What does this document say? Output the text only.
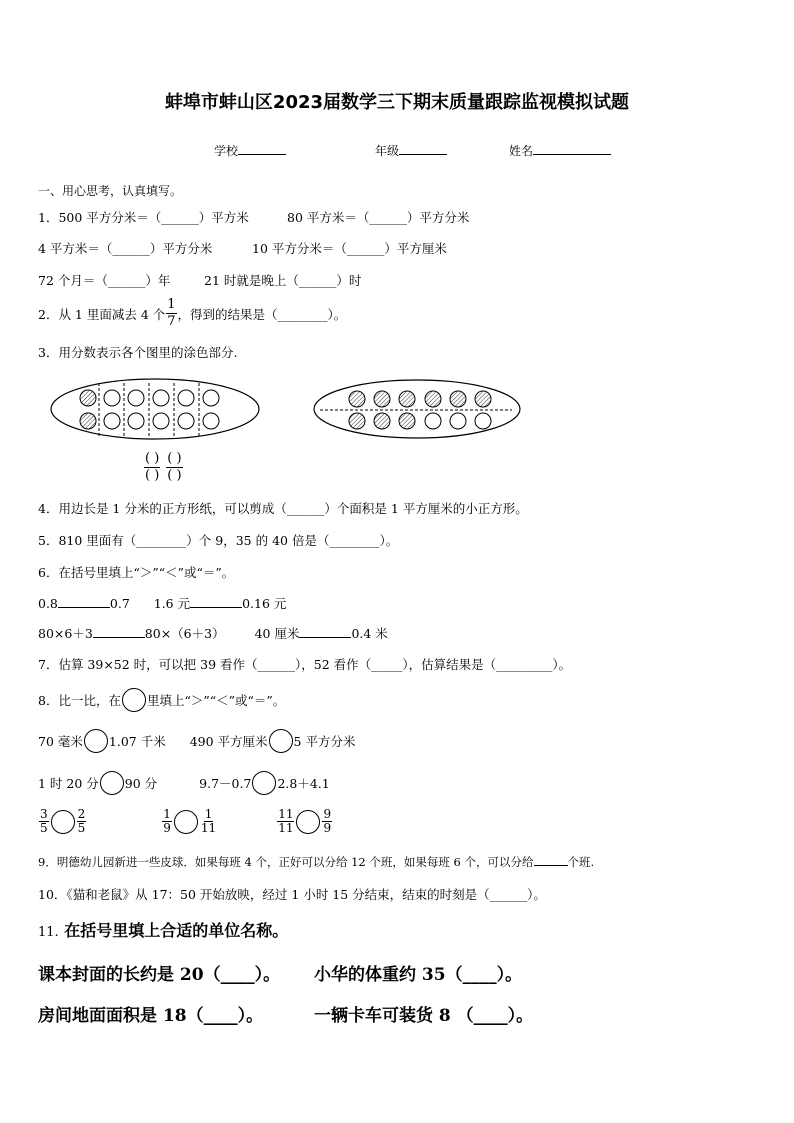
蚌埠市蚌山区2023届数学三下期末质量跟踪监视模拟试题
学校	年级	姓名
一、用心思考，认真填写。
1．500 平方分米＝（______）平方米	80 平方米＝（______）平方分米
4 平方米＝（______）平方分米	10 平方分米＝（______）平方厘米
72 个月＝（______）年	21 时就是晚上（______）时
2．从 1 里面减去 4 个 $\frac{1}{7}$ ，得到的结果是（________）。
3．用分数表示各个图里的涂色部分.
$\frac{( )}{( )} \frac{( )}{( )}$
4．用边长是 1 分米的正方形纸，可以剪成（______）个面积是 1 平方厘米的小正方形。
5．810 里面有（________）个 9，35 的 40 倍是（________）。
6．在括号里填上“＞”“＜”或“＝”。
0.8	0.7 1.6 元	0.16 元
80×6＋3	80×（6＋3） 40 厘米	0.4 米
7．估算 39×52 时，可以把 39 看作（______），52 看作（_____），估算结果是（_________）。
8．比一比，在 里填上“＞”“＜”或“＝”。
70 毫米 1.07 千米 490 平方厘米 5 平方分米
1 时 20 分 90 分	9.7－0.7 2.8＋4.1
$\frac{3}{5} \frac{2}{5}$	$\frac{1}{9} \frac{1}{11}$	$\frac{11}{11} \frac{9}{9}$
9．明德幼儿园新进一些皮球．如果每班 4 个，正好可以分给 12 个班，如果每班 6 个，可以分给	个班.
10．《猫和老鼠》从 17：50 开始放映，经过 1 小时 15 分结束，结束的时刻是（______）。
11. 在括号里填上合适的单位名称。
课本封面的长约是 20（____）。 小华的体重约 35（____）。
房间地面面积是 18（____）。	一辆卡车可装货 8 （____）。
